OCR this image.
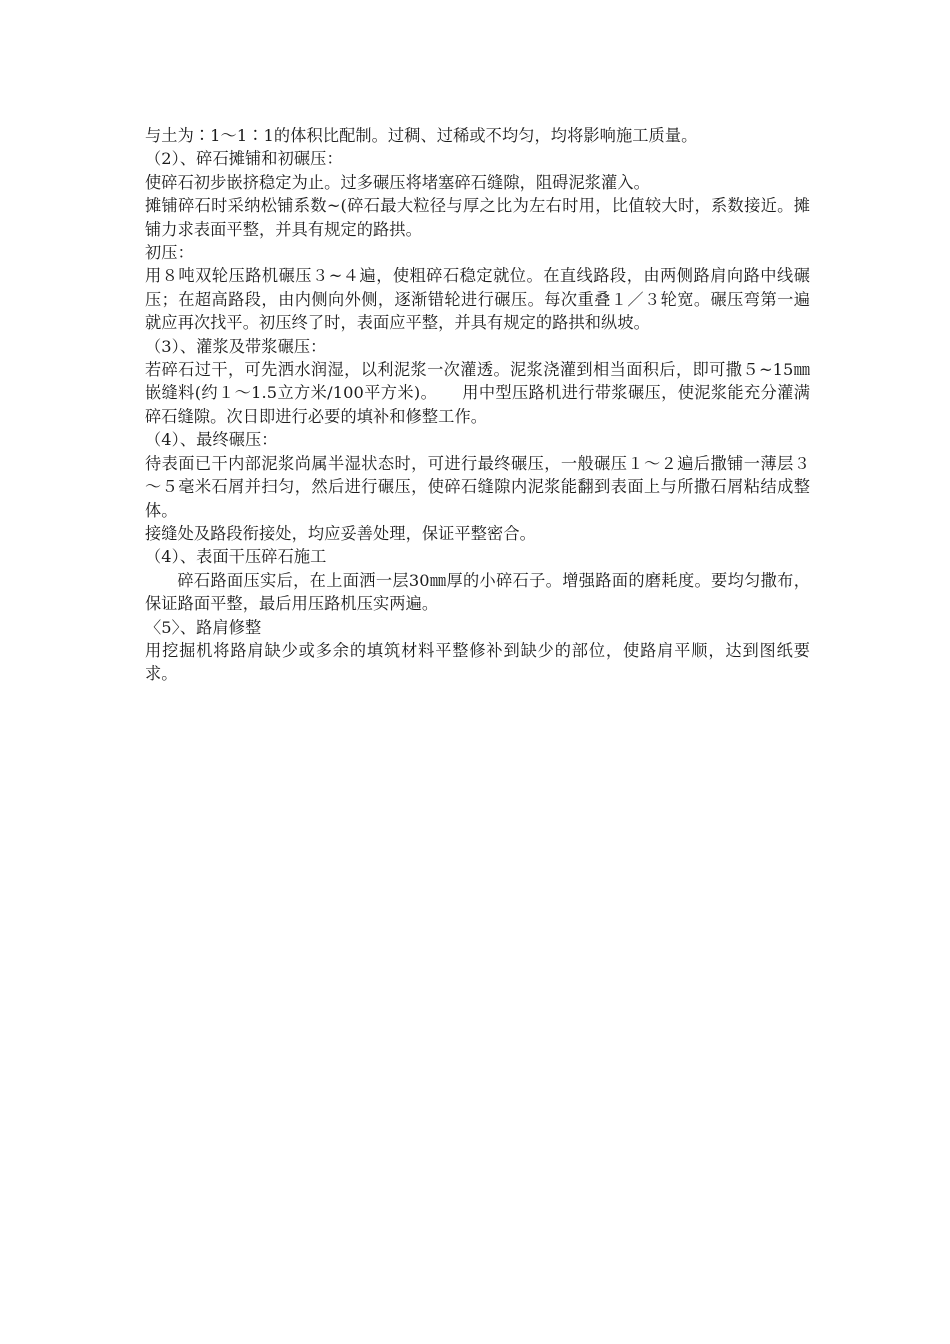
与土为∶1～1∶1的体积比配制。过稠、过稀或不均匀，均将影响施工质量。

（2）、碎石摊铺和初碾压：

使碎石初步嵌挤稳定为止。过多碾压将堵塞碎石缝隙，阻碍泥浆灌入。

摊铺碎石时采纳松铺系数~(碎石最大粒径与厚之比为左右时用，比值较大时，系数接近。摊铺力求表面平整，并具有规定的路拱。

初压：

用８吨双轮压路机碾压３~４遍，使粗碎石稳定就位。在直线路段，由两侧路肩向路中线碾压；在超高路段，由内侧向外侧，逐渐错轮进行碾压。每次重叠１／３轮宽。碾压弯第一遍就应再次找平。初压终了时，表面应平整，并具有规定的路拱和纵坡。

（3）、灌浆及带浆碾压：

若碎石过干，可先洒水润湿，以利泥浆一次灌透。泥浆浇灌到相当面积后，即可撒５~15㎜嵌缝料(约１～1.5立方米/100平方米)。　　用中型压路机进行带浆碾压，使泥浆能充分灌满碎石缝隙。次日即进行必要的填补和修整工作。

（4）、最终碾压：

待表面已干内部泥浆尚属半湿状态时，可进行最终碾压，一般碾压１～２遍后撒铺一薄层３～５毫米石屑并扫匀，然后进行碾压，使碎石缝隙内泥浆能翻到表面上与所撒石屑粘结成整体。

接缝处及路段衔接处，均应妥善处理，保证平整密合。

（4）、表面干压碎石施工

碎石路面压实后，在上面洒一层30㎜厚的小碎石子。增强路面的磨耗度。要均匀撒布，保证路面平整，最后用压路机压实两遍。

〈5〉、路肩修整

用挖掘机将路肩缺少或多余的填筑材料平整修补到缺少的部位，使路肩平顺，达到图纸要求。
